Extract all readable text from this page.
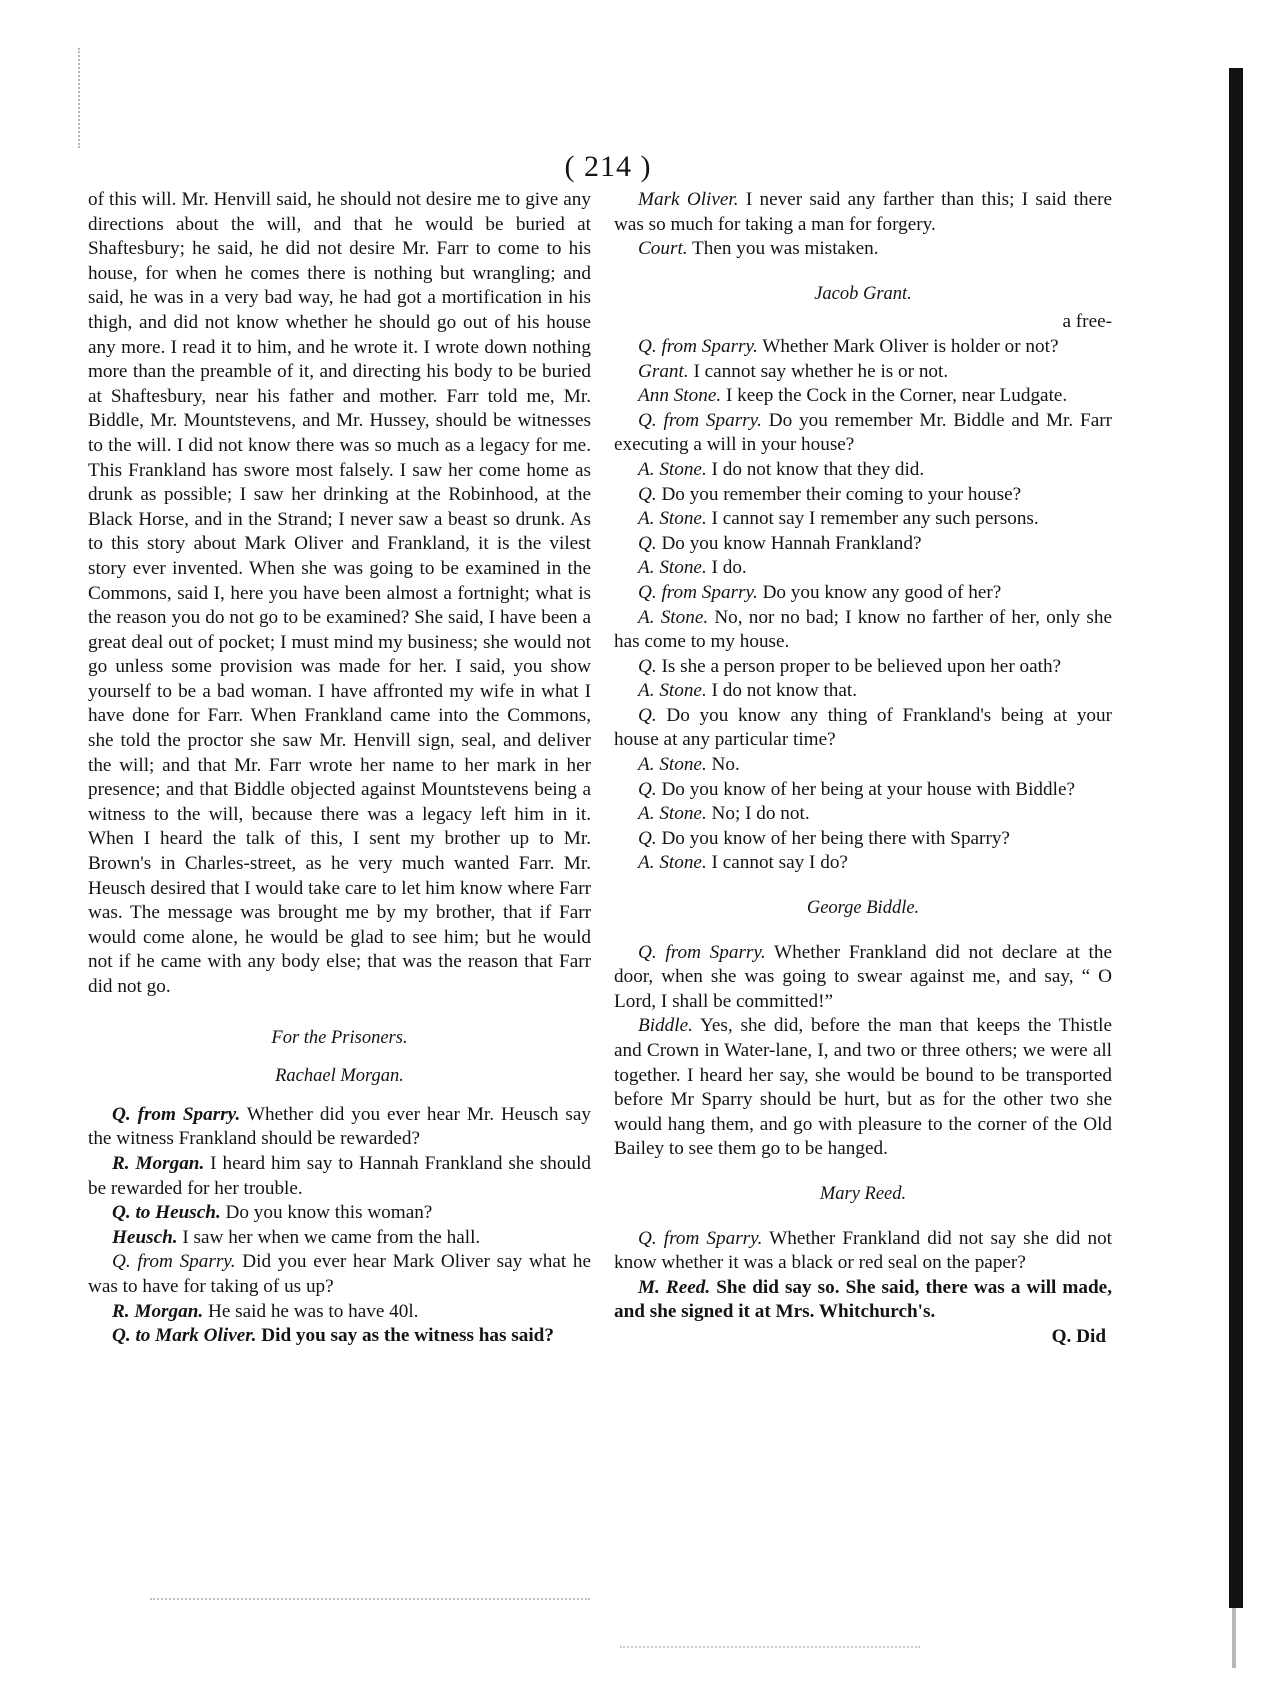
( 214 )

of this will. Mr. Henvill said, he should not desire me to give any directions about the will, and that he would be buried at Shaftesbury; he said, he did not desire Mr. Farr to come to his house, for when he comes there is nothing but wrangling; and said, he was in a very bad way, he had got a mortification in his thigh, and did not know whether he should go out of his house any more. I read it to him, and he wrote it. I wrote down nothing more than the preamble of it, and directing his body to be buried at Shaftesbury, near his father and mother. Farr told me, Mr. Biddle, Mr. Mountstevens, and Mr. Hussey, should be witnesses to the will. I did not know there was so much as a legacy for me. This Frankland has swore most falsely. I saw her come home as drunk as possible; I saw her drinking at the Robinhood, at the Black Horse, and in the Strand; I never saw a beast so drunk. As to this story about Mark Oliver and Frankland, it is the vilest story ever invented. When she was going to be examined in the Commons, said I, here you have been almost a fortnight; what is the reason you do not go to be examined? She said, I have been a great deal out of pocket; I must mind my business; she would not go unless some provision was made for her. I said, you show yourself to be a bad woman. I have affronted my wife in what I have done for Farr. When Frankland came into the Commons, she told the proctor she saw Mr. Henvill sign, seal, and deliver the will; and that Mr. Farr wrote her name to her mark in her presence; and that Biddle objected against Mountstevens being a witness to the will, because there was a legacy left him in it. When I heard the talk of this, I sent my brother up to Mr. Brown's in Charles-street, as he very much wanted Farr. Mr. Heusch desired that I would take care to let him know where Farr was. The message was brought me by my brother, that if Farr would come alone, he would be glad to see him; but he would not if he came with any body else; that was the reason that Farr did not go.

For the Prisoners.
Rachael Morgan.

Q. from Sparry. Whether did you ever hear Mr. Heusch say the witness Frankland should be rewarded?

R. Morgan. I heard him say to Hannah Frankland she should be rewarded for her trouble.

Q. to Heusch. Do you know this woman?

Heusch. I saw her when we came from the hall.

Q. from Sparry. Did you ever hear Mark Oliver say what he was to have for taking of us up?

R. Morgan. He said he was to have 40l.

Q. to Mark Oliver. Did you say as the witness has said?

Mark Oliver. I never said any farther than this; I said there was so much for taking a man for forgery.

Court. Then you was mistaken.

Jacob Grant.
a free-

Q. from Sparry. Whether Mark Oliver is holder or not?

Grant. I cannot say whether he is or not.

Ann Stone. I keep the Cock in the Corner, near Ludgate.

Q. from Sparry. Do you remember Mr. Biddle and Mr. Farr executing a will in your house?

A. Stone. I do not know that they did.

Q. Do you remember their coming to your house?

A. Stone. I cannot say I remember any such persons.

Q. Do you know Hannah Frankland?

A. Stone. I do.

Q. from Sparry. Do you know any good of her?

A. Stone. No, nor no bad; I know no farther of her, only she has come to my house.

Q. Is she a person proper to be believed upon her oath?

A. Stone. I do not know that.

Q. Do you know any thing of Frankland's being at your house at any particular time?

A. Stone. No.

Q. Do you know of her being at your house with Biddle?

A. Stone. No; I do not.

Q. Do you know of her being there with Sparry?

A. Stone. I cannot say I do?

George Biddle.

Q. from Sparry. Whether Frankland did not declare at the door, when she was going to swear against me, and say, “ O Lord, I shall be committed!”

Biddle. Yes, she did, before the man that keeps the Thistle and Crown in Water-lane, I, and two or three others; we were all together. I heard her say, she would be bound to be transported before Mr Sparry should be hurt, but as for the other two she would hang them, and go with pleasure to the corner of the Old Bailey to see them go to be hanged.

Mary Reed.

Q. from Sparry. Whether Frankland did not say she did not know whether it was a black or red seal on the paper?

M. Reed. She did say so. She said, there was a will made, and she signed it at Mrs. Whitchurch's.

Q. Did
